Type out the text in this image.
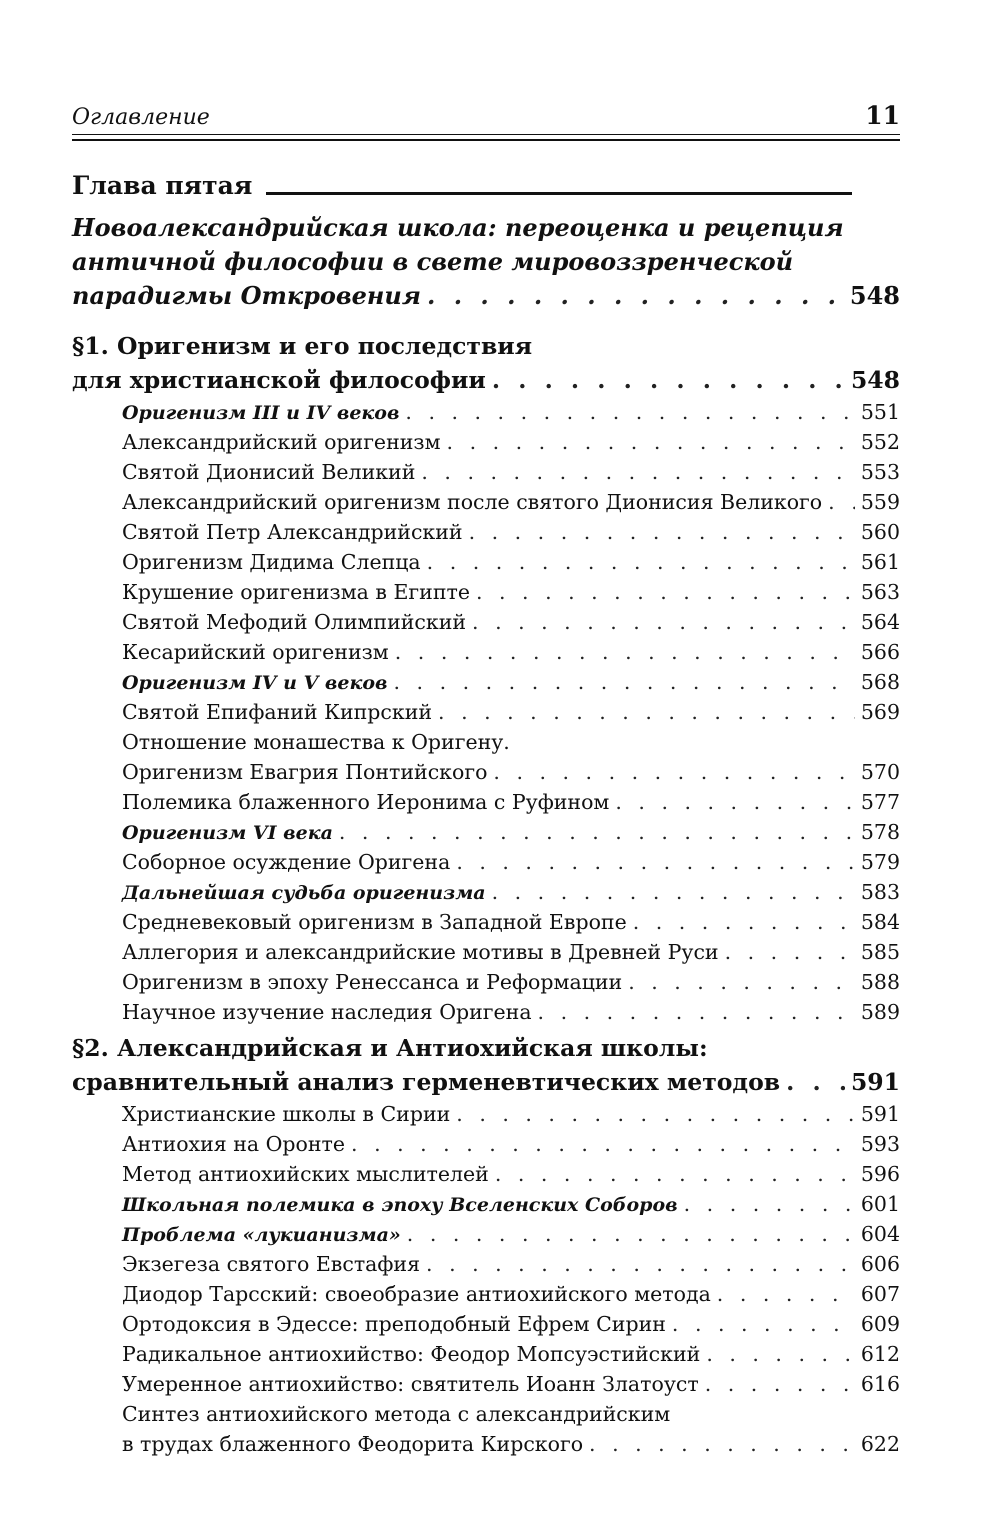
Оглавление	11
Глава пятая
Новоалександрийская школа: переоценка и рецепция
античной философии в свете мировоззренческой
парадигмы Откровения . . .	548
§1. Оригенизм и его последствия
для христианской философии . . .	548
Оригенизм III и IV веков . . .	551
Александрийский оригенизм . . .	552
Святой Дионисий Великий . . .	553
Александрийский оригенизм после святого Дионисия Великого . . . 559
Святой Петр Александрийский . . .	560
Оригенизм Дидима Слепца . . .	561
Крушение оригенизма в Египте . . .	563
Святой Мефодий Олимпийский . . .	564
Кесарийский оригенизм . . .	566
Оригенизм IV и V веков . . .	568
Святой Епифаний Кипрский . . .	569
Отношение монашества к Оригену.
Оригенизм Евагрия Понтийского . . .	570
Полемика блаженного Иеронима с Руфином . . .	577
Оригенизм VI века . . .	578
Соборное осуждение Оригена . . .	579
Дальнейшая судьба оригенизма . . .	583
Средневековый оригенизм в Западной Европе . . .	584
Аллегория и александрийские мотивы в Древней Руси . . .	585
Оригенизм в эпоху Ренессанса и Реформации . . .	588
Научное изучение наследия Оригена . . .	589
§2. Александрийская и Антиохийская школы:
сравнительный анализ герменевтических методов . . .	591
Христианские школы в Сирии . . .	591
Антиохия на Оронте . . .	593
Метод антиохийских мыслителей . . .	596
Школьная полемика в эпоху Вселенских Соборов . . .	601
Проблема «лукианизма» . . .	604
Экзегеза святого Евстафия . . .	606
Диодор Тарсский: своеобразие антиохийского метода . . .	607
Ортодоксия в Эдессе: преподобный Ефрем Сирин . . .	609
Радикальное антиохийство: Феодор Мопсуэстийский . . .	612
Умеренное антиохийство: святитель Иоанн Златоуст . . .	616
Синтез антиохийского метода с александрийским
в трудах блаженного Феодорита Кирского . . .	622
